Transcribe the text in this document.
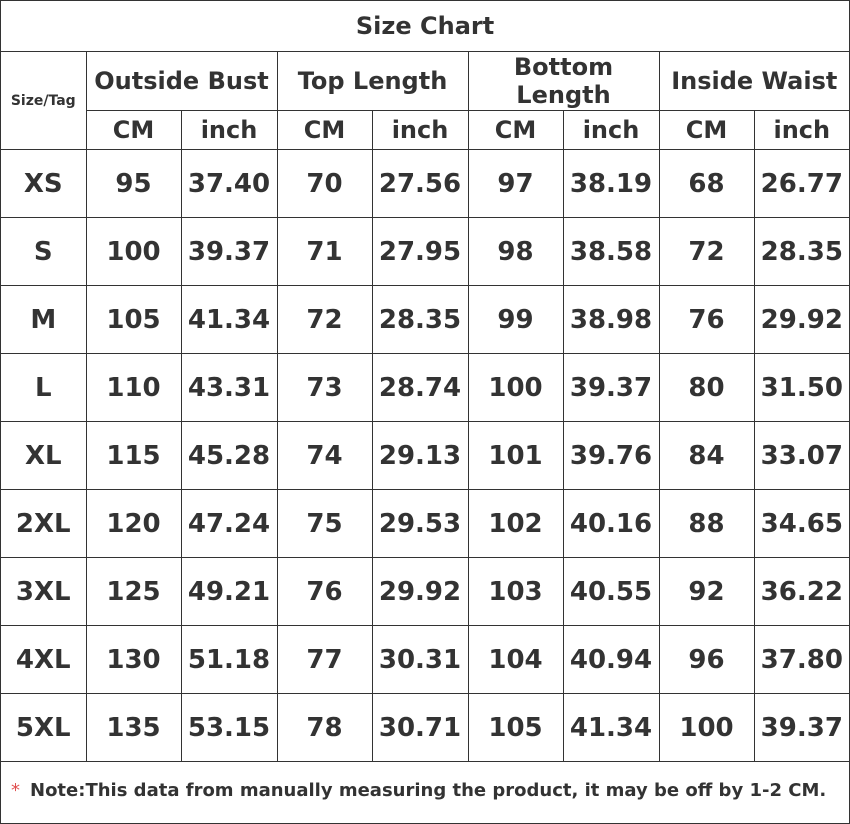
Size Chart								
Size/Tag	Outside Bust		Top Length		Bottom Length		Inside Waist	
	CM	inch	CM	inch	CM	inch	CM	inch
XS	95	37.40	70	27.56	97	38.19	68	26.77
S	100	39.37	71	27.95	98	38.58	72	28.35
M	105	41.34	72	28.35	99	38.98	76	29.92
L	110	43.31	73	28.74	100	39.37	80	31.50
XL	115	45.28	74	29.13	101	39.76	84	33.07
2XL	120	47.24	75	29.53	102	40.16	88	34.65
3XL	125	49.21	76	29.92	103	40.55	92	36.22
4XL	130	51.18	77	30.31	104	40.94	96	37.80
5XL	135	53.15	78	30.71	105	41.34	100	39.37
* Note:This data from manually measuring the product, it may be off by 1-2 CM.								
